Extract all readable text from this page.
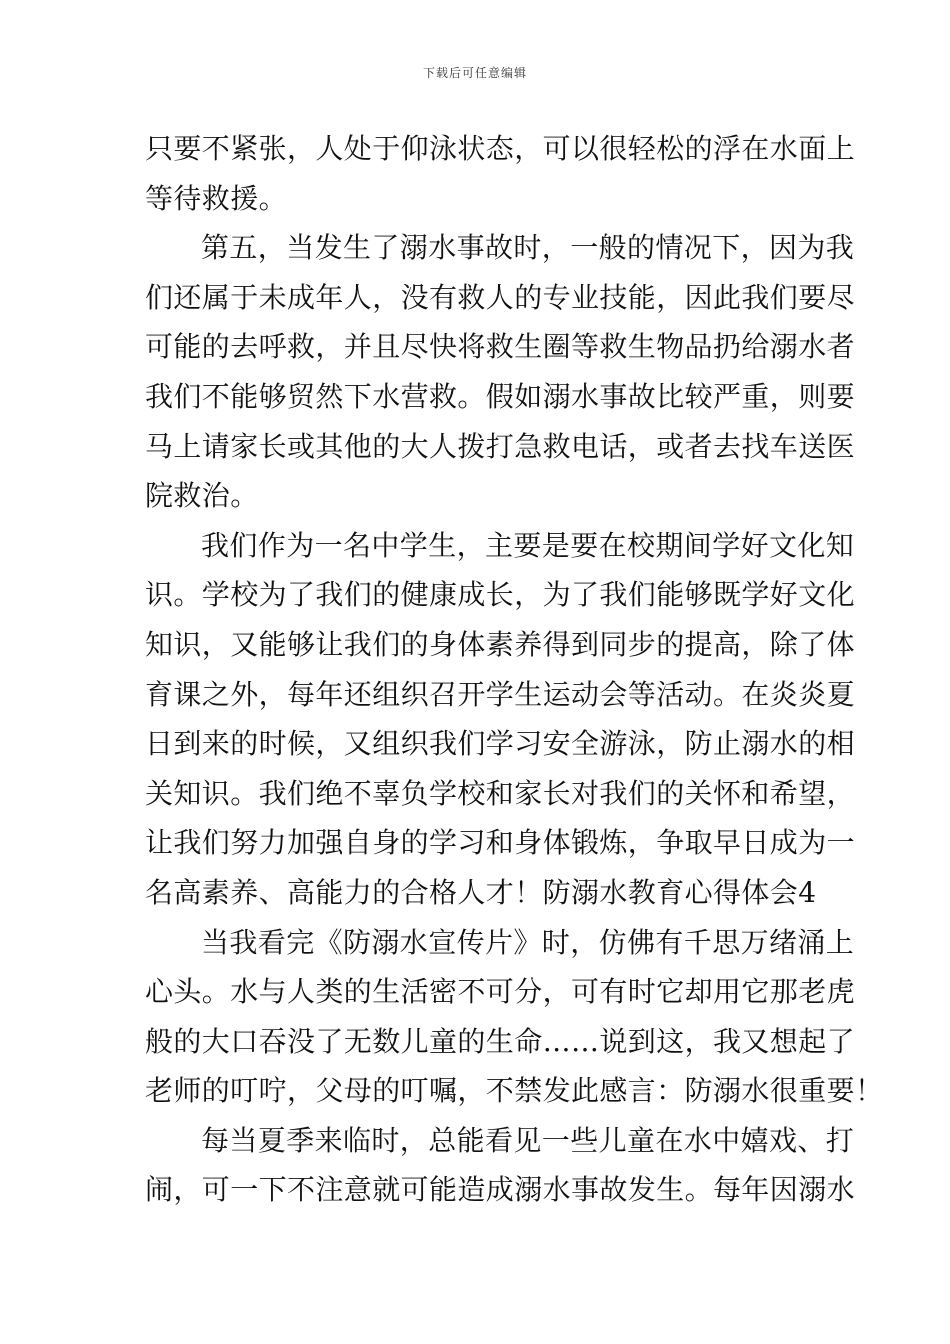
下载后可任意编辑
只要不紧张，人处于仰泳状态，可以很轻松的浮在水面上
等待救援。
第五，当发生了溺水事故时，一般的情况下，因为我
们还属于未成年人，没有救人的专业技能，因此我们要尽
可能的去呼救，并且尽快将救生圈等救生物品扔给溺水者
我们不能够贸然下水营救。假如溺水事故比较严重，则要
马上请家长或其他的大人拨打急救电话，或者去找车送医
院救治。
我们作为一名中学生，主要是要在校期间学好文化知
识。学校为了我们的健康成长，为了我们能够既学好文化
知识，又能够让我们的身体素养得到同步的提高，除了体
育课之外，每年还组织召开学生运动会等活动。在炎炎夏
日到来的时候，又组织我们学习安全游泳，防止溺水的相
关知识。我们绝不辜负学校和家长对我们的关怀和希望，
让我们努力加强自身的学习和身体锻炼，争取早日成为一
名高素养、高能力的合格人才！防溺水教育心得体会4
当我看完《防溺水宣传片》时，仿佛有千思万绪涌上
心头。水与人类的生活密不可分，可有时它却用它那老虎
般的大口吞没了无数儿童的生命……说到这，我又想起了
老师的叮咛，父母的叮嘱，不禁发此感言：防溺水很重要！
每当夏季来临时，总能看见一些儿童在水中嬉戏、打
闹，可一下不注意就可能造成溺水事故发生。每年因溺水
